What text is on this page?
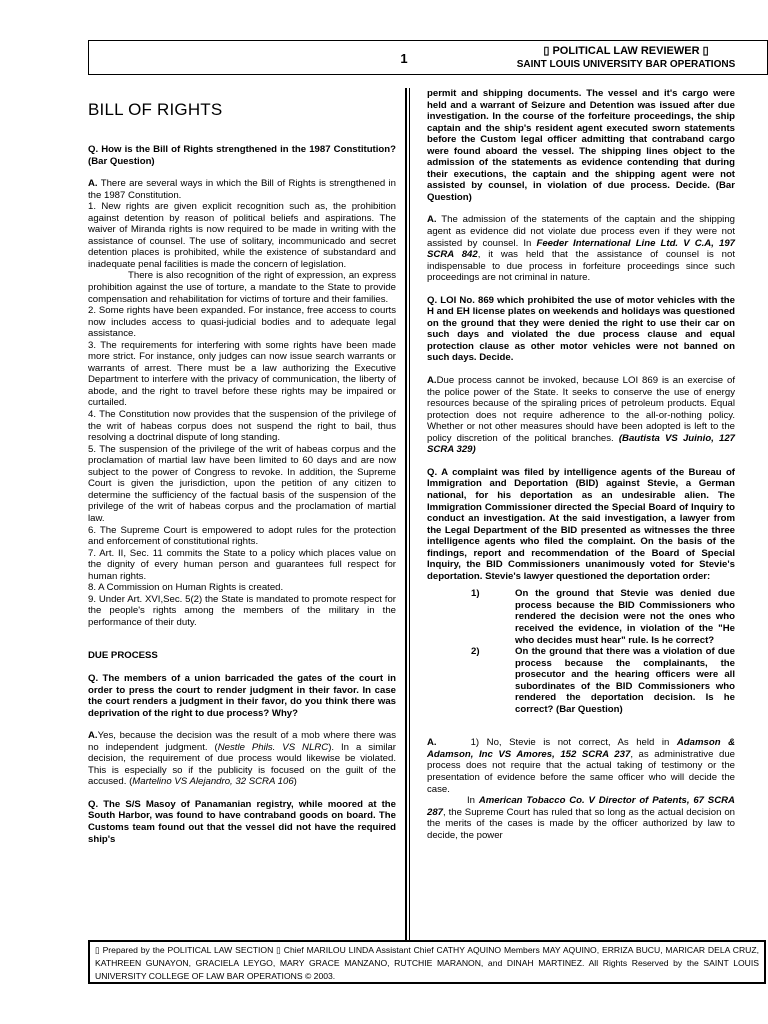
1	▯ POLITICAL LAW REVIEWER ▯
SAINT LOUIS UNIVERSITY BAR OPERATIONS
BILL OF RIGHTS

Q. How is the Bill of Rights strengthened in the 1987 Constitution? (Bar Question)

A. There are several ways in which the Bill of Rights is strengthened in the 1987 Constitution.

1. New rights are given explicit recognition such as, the prohibition against detention by reason of political beliefs and aspirations. The waiver of Miranda rights is now required to be made in writing with the assistance of counsel. The use of solitary, incommunicado and secret detention places is prohibited, while the existence of substandard and inadequate penal facilities is made the concern of legislation.

There is also recognition of the right of expression, an express prohibition against the use of torture, a mandate to the State to provide compensation and rehabilitation for victims of torture and their families.

2. Some rights have been expanded. For instance, free access to courts now includes access to quasi-judicial bodies and to adequate legal assistance.

3. The requirements for interfering with some rights have been made more strict. For instance, only judges can now issue search warrants or warrants of arrest. There must be a law authorizing the Executive Department to interfere with the privacy of communication, the liberty of abode, and the right to travel before these rights may be impaired or curtailed.

4. The Constitution now provides that the suspension of the privilege of the writ of habeas corpus does not suspend the right to bail, thus resolving a doctrinal dispute of long standing.

5. The suspension of the privilege of the writ of habeas corpus and the proclamation of martial law have been limited to 60 days and are now subject to the power of Congress to revoke. In addition, the Supreme Court is given the jurisdiction, upon the petition of any citizen to determine the sufficiency of the factual basis of the suspension of the privilege of the writ of habeas corpus and the proclamation of martial law.

6. The Supreme Court is empowered to adopt rules for the protection and enforcement of constitutional rights.

7. Art. II, Sec. 11 commits the State to a policy which places value on the dignity of every human person and guarantees full respect for human rights.

8. A Commission on Human Rights is created.

9. Under Art. XVI,Sec. 5(2) the State is mandated to promote respect for the people's rights among the members of the military in the performance of their duty.

DUE PROCESS

Q. The members of a union barricaded the gates of the court in order to press the court to render judgment in their favor. In case the court renders a judgment in their favor, do you think there was deprivation of the right to due process? Why?

A.Yes, because the decision was the result of a mob where there was no independent judgment. (Nestle Phils. VS NLRC). In a similar decision, the requirement of due process would likewise be violated. This is especially so if the publicity is focused on the guilt of the accused. (Martelino VS Alejandro, 32 SCRA 106)

Q. The S/S Masoy of Panamanian registry, while moored at the South Harbor, was found to have contraband goods on board. The Customs team found out that the vessel did not have the required ship's

permit and shipping documents. The vessel and it's cargo were held and a warrant of Seizure and Detention was issued after due investigation. In the course of the forfeiture proceedings, the ship captain and the ship's resident agent executed sworn statements before the Custom legal officer admitting that contraband cargo were found aboard the vessel. The shipping lines object to the admission of the statements as evidence contending that during their executions, the captain and the shipping agent were not assisted by counsel, in violation of due process. Decide. (Bar Question)

A. The admission of the statements of the captain and the shipping agent as evidence did not violate due process even if they were not assisted by counsel. In Feeder International Line Ltd. V C.A, 197 SCRA 842, it was held that the assistance of counsel is not indispensable to due process in forfeiture proceedings since such proceedings are not criminal in nature.

Q. LOI No. 869 which prohibited the use of motor vehicles with the H and EH license plates on weekends and holidays was questioned on the ground that they were denied the right to use their car on such days and violated the due process clause and equal protection clause as other motor vehicles were not banned on such days. Decide.

A.Due process cannot be invoked, because LOI 869 is an exercise of the police power of the State. It seeks to conserve the use of energy resources because of the spiraling prices of petroleum products. Equal protection does not require adherence to the all-or-nothing policy. Whether or not other measures should have been adopted is left to the policy discretion of the political branches. (Bautista VS Juinio, 127 SCRA 329)

Q. A complaint was filed by intelligence agents of the Bureau of Immigration and Deportation (BID) against Stevie, a German national, for his deportation as an undesirable alien. The Immigration Commissioner directed the Special Board of Inquiry to conduct an investigation. At the said investigation, a lawyer from the Legal Department of the BID presented as witnesses the three intelligence agents who filed the complaint. On the basis of the findings, report and recommendation of the Board of Special Inquiry, the BID Commissioners unanimously voted for Stevie's deportation. Stevie's lawyer questioned the deportation order:

1)	On the ground that Stevie was denied due process because the BID Commissioners who rendered the decision were not the ones who received the evidence, in violation of the "He who decides must hear" rule. Is he correct?
2)	On the ground that there was a violation of due process because the complainants, the prosecutor and the hearing officers were all subordinates of the BID Commissioners who rendered the deportation decision. Is he correct? (Bar Question)

A.	1) No, Stevie is not correct, As held in Adamson & Adamson, Inc VS Amores, 152 SCRA 237, as administrative due process does not require that the actual taking of testimony or the presentation of evidence before the same officer who will decide the case.

In American Tobacco Co. V Director of Patents, 67 SCRA 287, the Supreme Court has ruled that so long as the actual decision on the merits of the cases is made by the officer authorized by law to decide, the power

▯ Prepared by the POLITICAL LAW SECTION ▯ Chief MARILOU LINDA Assistant Chief CATHY AQUINO Members MAY AQUINO, ERRIZA BUCU, MARICAR DELA CRUZ, KATHREEN GUNAYON, GRACIELA LEYGO, MARY GRACE MANZANO, RUTCHIE MARANON, and DINAH MARTINEZ. All Rights Reserved by the SAINT LOUIS UNIVERSITY COLLEGE OF LAW BAR OPERATIONS © 2003.
